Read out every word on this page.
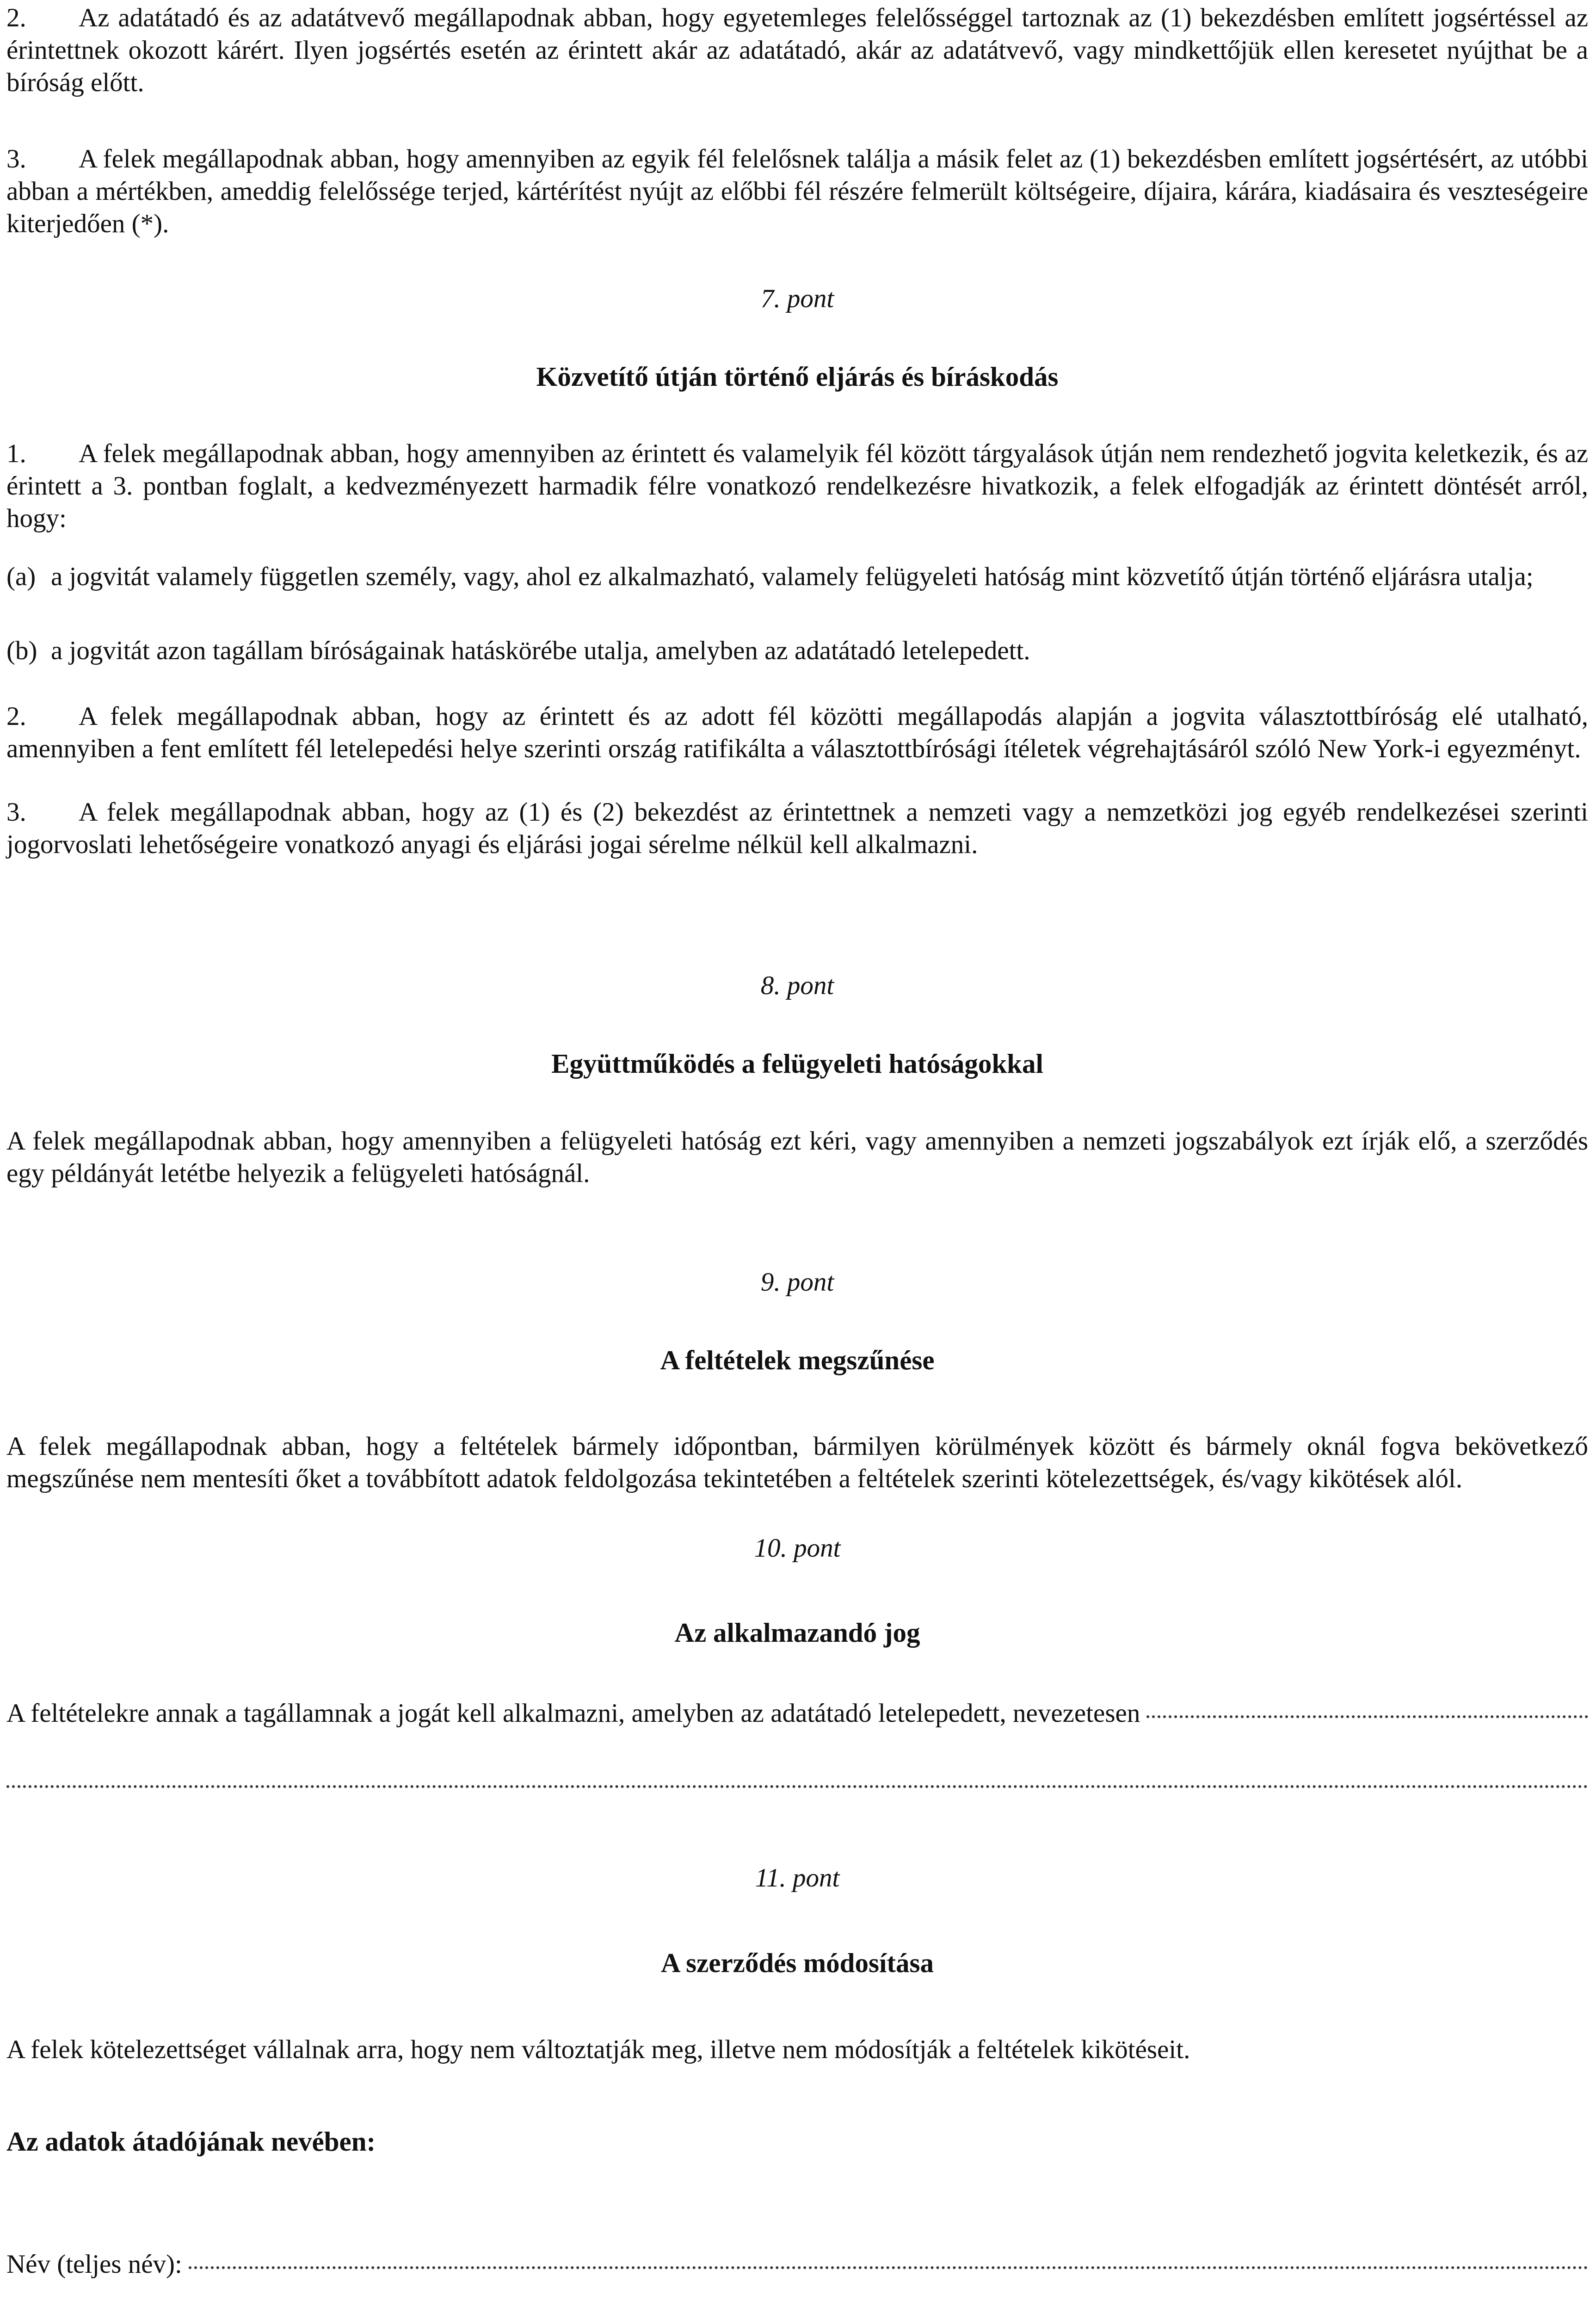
2. Az adatátadó és az adatátvevő megállapodnak abban, hogy egyetemleges felelősséggel tartoznak az (1) bekezdésben említett jogsértéssel az érintettnek okozott kárért. Ilyen jogsértés esetén az érintett akár az adatátadó, akár az adatátvevő, vagy mindkettőjük ellen keresetet nyújthat be a bíróság előtt.

3. A felek megállapodnak abban, hogy amennyiben az egyik fél felelősnek találja a másik felet az (1) bekezdésben említett jogsértésért, az utóbbi abban a mértékben, ameddig felelőssége terjed, kártérítést nyújt az előbbi fél részére felmerült költségeire, díjaira, kárára, kiadásaira és veszteségeire kiterjedően (*).

7. pont
Közvetítő útján történő eljárás és bíráskodás

1. A felek megállapodnak abban, hogy amennyiben az érintett és valamelyik fél között tárgyalások útján nem rendezhető jogvita keletkezik, és az érintett a 3. pontban foglalt, a kedvezményezett harmadik félre vonatkozó rendelkezésre hivatkozik, a felek elfogadják az érintett döntését arról, hogy:

(a) a jogvitát valamely független személy, vagy, ahol ez alkalmazható, valamely felügyeleti hatóság mint közvetítő útján történő eljárásra utalja;
(b) a jogvitát azon tagállam bíróságainak hatáskörébe utalja, amelyben az adatátadó letelepedett.

2. A felek megállapodnak abban, hogy az érintett és az adott fél közötti megállapodás alapján a jogvita választottbíróság elé utalható, amennyiben a fent említett fél letelepedési helye szerinti ország ratifikálta a választottbírósági ítéletek végrehajtásáról szóló New York-i egyezményt.

3. A felek megállapodnak abban, hogy az (1) és (2) bekezdést az érintettnek a nemzeti vagy a nemzetközi jog egyéb rendelkezései szerinti jogorvoslati lehetőségeire vonatkozó anyagi és eljárási jogai sérelme nélkül kell alkalmazni.

8. pont
Együttműködés a felügyeleti hatóságokkal

A felek megállapodnak abban, hogy amennyiben a felügyeleti hatóság ezt kéri, vagy amennyiben a nemzeti jogszabályok ezt írják elő, a szerződés egy példányát letétbe helyezik a felügyeleti hatóságnál.

9. pont
A feltételek megszűnése

A felek megállapodnak abban, hogy a feltételek bármely időpontban, bármilyen körülmények között és bármely oknál fogva bekövetkező megszűnése nem mentesíti őket a továbbított adatok feldolgozása tekintetében a feltételek szerinti kötelezettségek, és/vagy kikötések alól.

10. pont
Az alkalmazandó jog
A feltételekre annak a tagállamnak a jogát kell alkalmazni, amelyben az adatátadó letelepedett, nevezetesen
11. pont
A szerződés módosítása

A felek kötelezettséget vállalnak arra, hogy nem változtatják meg, illetve nem módosítják a feltételek kikötéseit.

Az adatok átadójának nevében:
Név (teljes név):
